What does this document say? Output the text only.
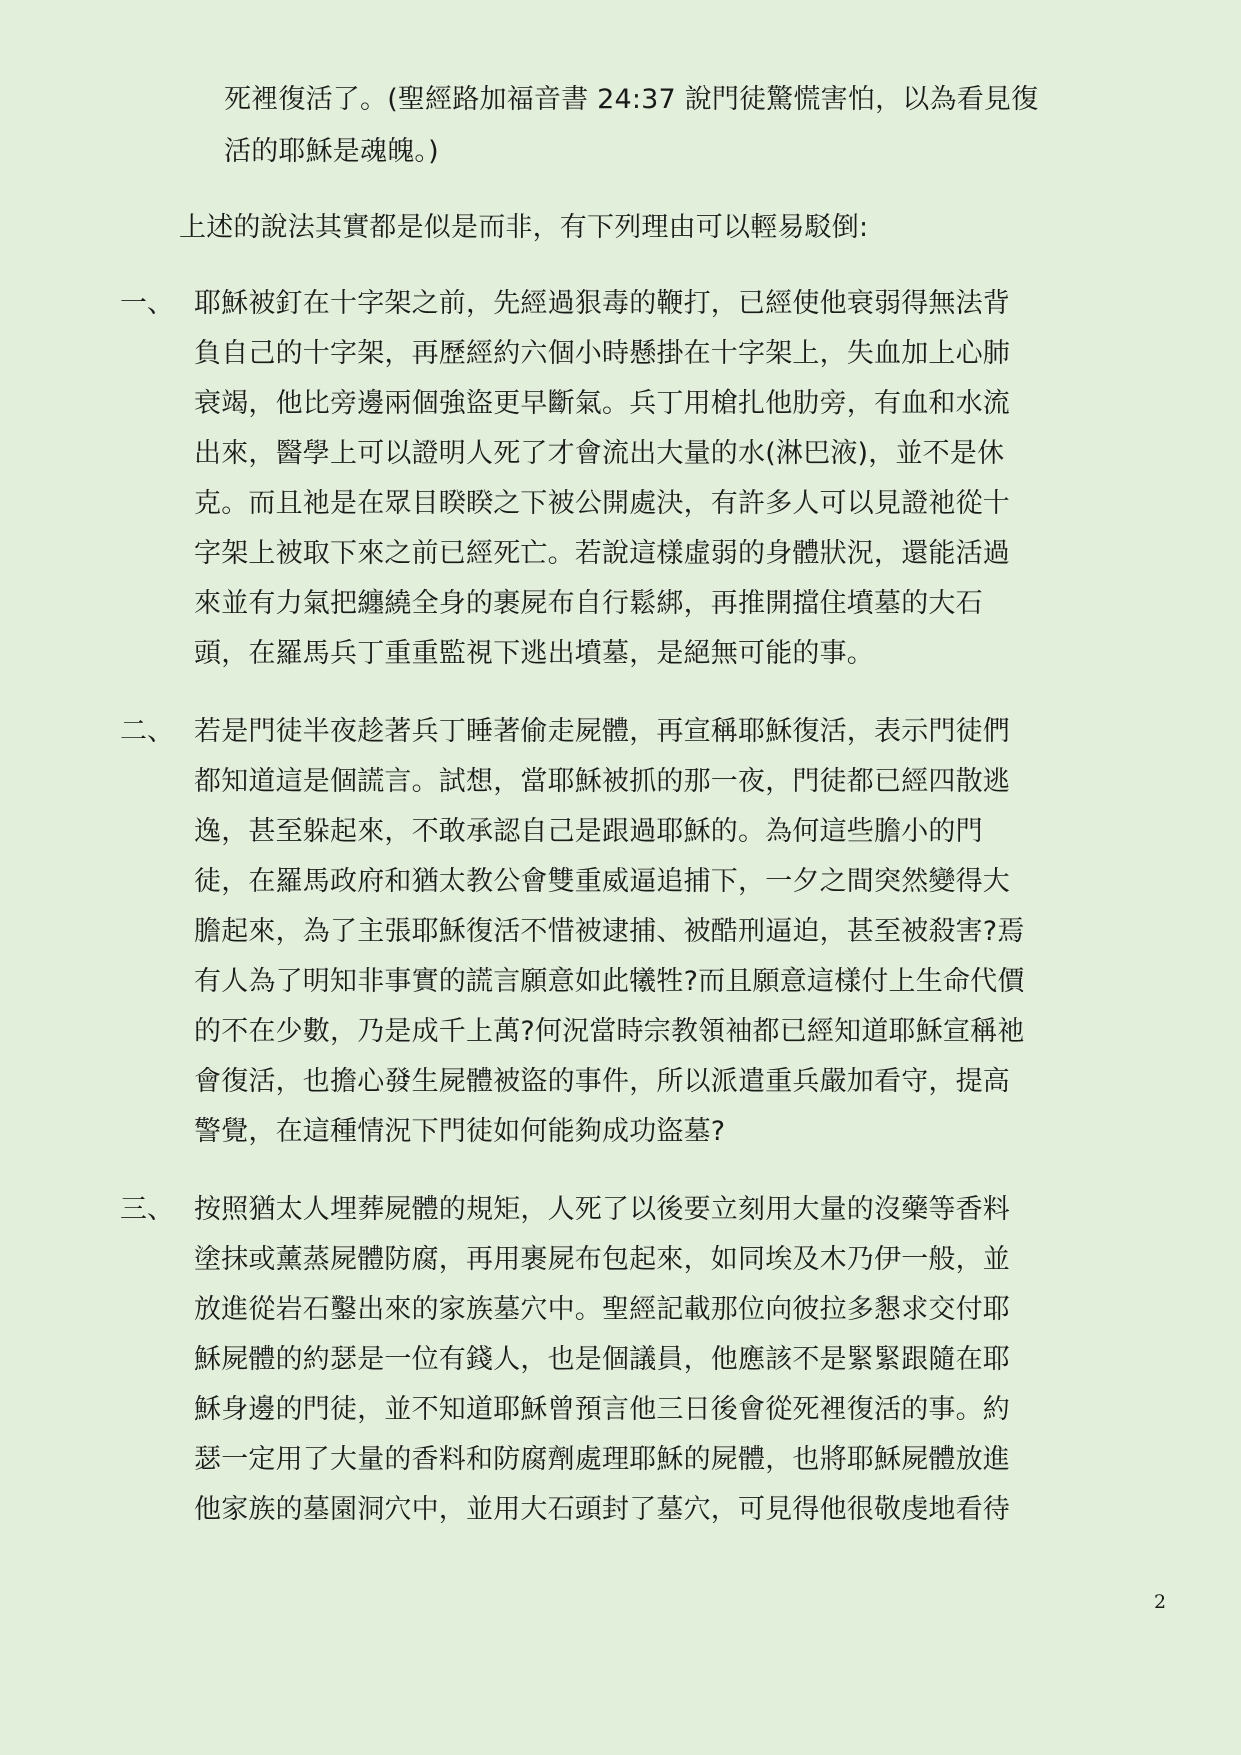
死裡復活了。(聖經路加福音書 24:37 說門徒驚慌害怕，以為看見復
活的耶穌是魂魄。)
上述的說法其實都是似是而非，有下列理由可以輕易駁倒:
一、 耶穌被釘在十字架之前，先經過狠毒的鞭打，已經使他衰弱得無法背
負自己的十字架，再歷經約六個小時懸掛在十字架上，失血加上心肺
衰竭，他比旁邊兩個強盜更早斷氣。兵丁用槍扎他肋旁，有血和水流
出來，醫學上可以證明人死了才會流出大量的水(淋巴液)，並不是休
克。而且祂是在眾目睽睽之下被公開處決，有許多人可以見證祂從十
字架上被取下來之前已經死亡。若說這樣虛弱的身體狀況，還能活過
來並有力氣把纏繞全身的裹屍布自行鬆綁，再推開擋住墳墓的大石
頭，在羅馬兵丁重重監視下逃出墳墓，是絕無可能的事。
二、 若是門徒半夜趁著兵丁睡著偷走屍體，再宣稱耶穌復活，表示門徒們
都知道這是個謊言。試想，當耶穌被抓的那一夜，門徒都已經四散逃
逸，甚至躲起來，不敢承認自己是跟過耶穌的。為何這些膽小的門
徒，在羅馬政府和猶太教公會雙重威逼追捕下，一夕之間突然變得大
膽起來，為了主張耶穌復活不惜被逮捕、被酷刑逼迫，甚至被殺害?焉
有人為了明知非事實的謊言願意如此犧牲?而且願意這樣付上生命代價
的不在少數，乃是成千上萬?何況當時宗教領袖都已經知道耶穌宣稱祂
會復活，也擔心發生屍體被盜的事件，所以派遣重兵嚴加看守，提高
警覺，在這種情況下門徒如何能夠成功盜墓?
三、 按照猶太人埋葬屍體的規矩，人死了以後要立刻用大量的沒藥等香料
塗抹或薰蒸屍體防腐，再用裹屍布包起來，如同埃及木乃伊一般，並
放進從岩石鑿出來的家族墓穴中。聖經記載那位向彼拉多懇求交付耶
穌屍體的約瑟是一位有錢人，也是個議員，他應該不是緊緊跟隨在耶
穌身邊的門徒，並不知道耶穌曾預言他三日後會從死裡復活的事。約
瑟一定用了大量的香料和防腐劑處理耶穌的屍體，也將耶穌屍體放進
他家族的墓園洞穴中，並用大石頭封了墓穴，可見得他很敬虔地看待
2
